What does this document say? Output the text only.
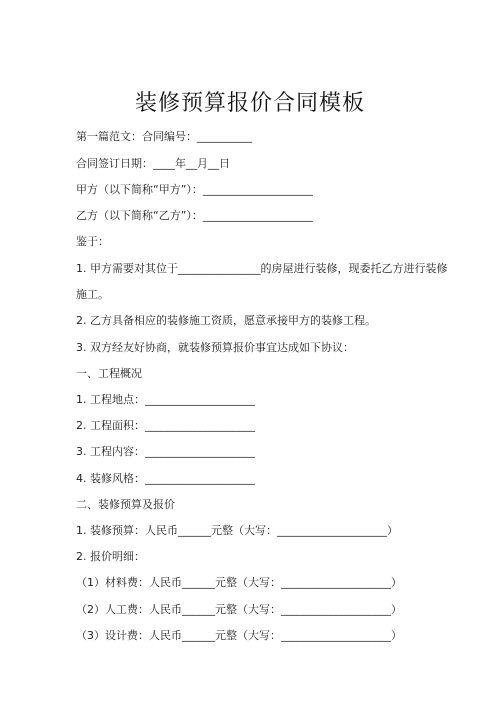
装修预算报价合同模板
第一篇范文：合同编号：__________
合同签订日期：____年__月__日
甲方（以下简称“甲方”）：____________________
乙方（以下简称“乙方”）：____________________
鉴于：
1. 甲方需要对其位于_______________的房屋进行装修，现委托乙方进行装修
施工。
2. 乙方具备相应的装修施工资质，愿意承接甲方的装修工程。
3. 双方经友好协商，就装修预算报价事宜达成如下协议：
一、工程概况
1. 工程地点：____________________
2. 工程面积：____________________
3. 工程内容：____________________
4. 装修风格：____________________
二、装修预算及报价
1. 装修预算：人民币______元整（大写：____________________）
2. 报价明细：
（1）材料费：人民币______元整（大写：____________________）
（2）人工费：人民币______元整（大写：____________________）
（3）设计费：人民币______元整（大写：____________________）
